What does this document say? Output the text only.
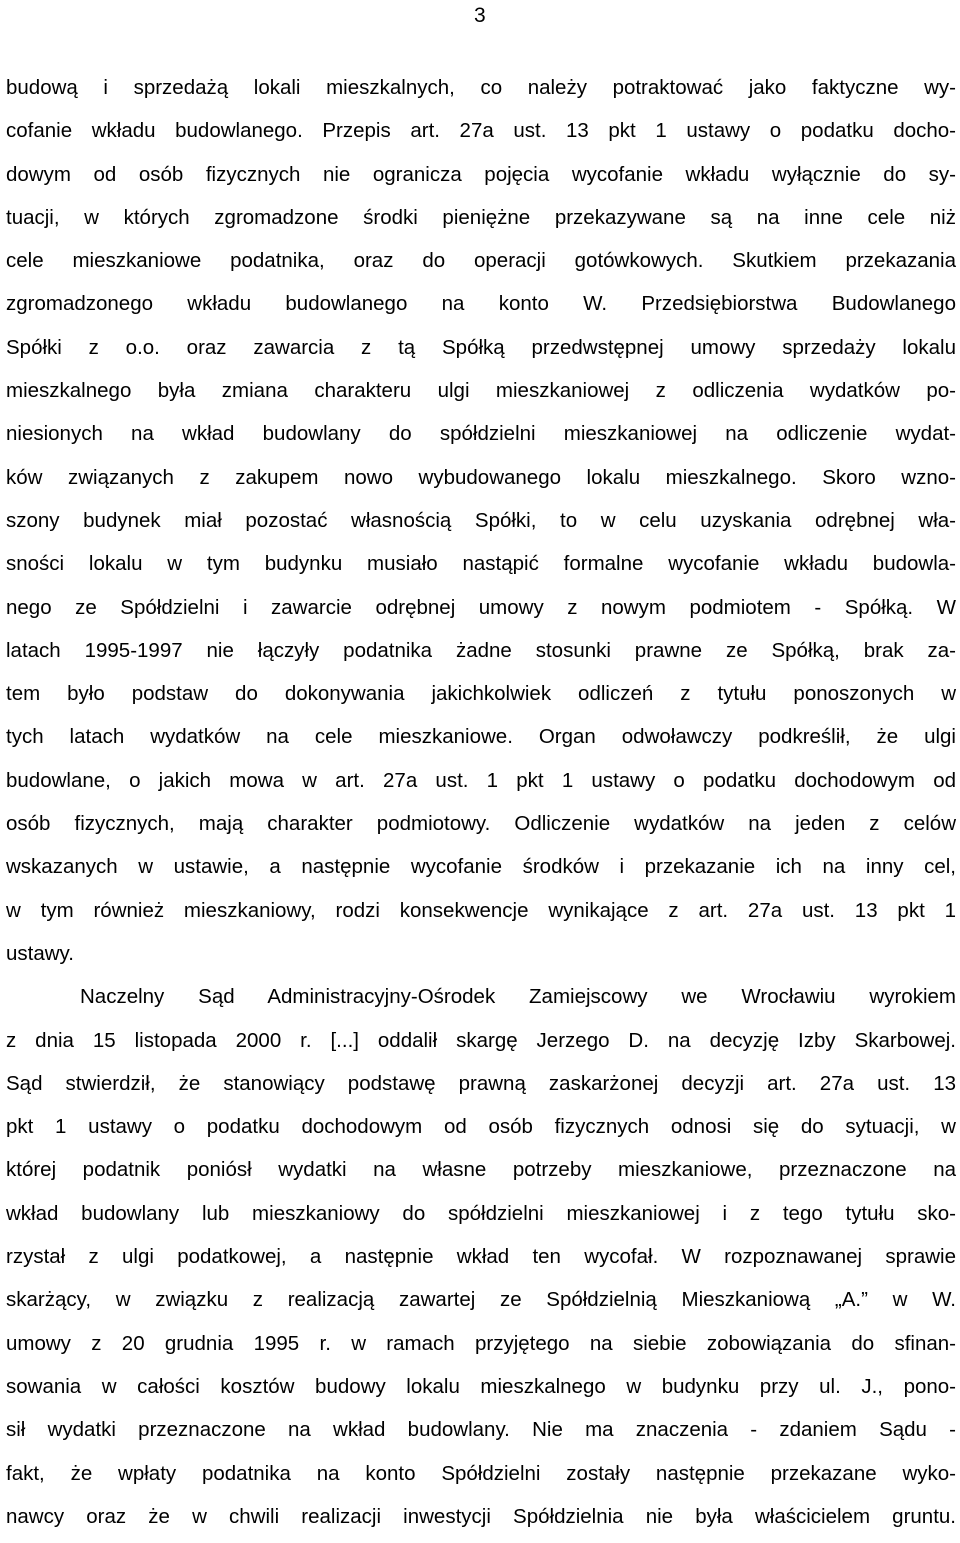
3
budową i sprzedażą lokali mieszkalnych, co należy potraktować jako faktyczne wy-
cofanie wkładu budowlanego. Przepis art. 27a ust. 13 pkt 1 ustawy o podatku docho-
dowym od osób fizycznych nie ogranicza pojęcia wycofanie wkładu wyłącznie do sy-
tuacji, w których zgromadzone środki pieniężne przekazywane są na inne cele niż
cele mieszkaniowe podatnika, oraz do operacji gotówkowych. Skutkiem przekazania
zgromadzonego wkładu budowlanego na konto W. Przedsiębiorstwa Budowlanego
Spółki z o.o. oraz zawarcia z tą Spółką przedwstępnej umowy sprzedaży lokalu
mieszkalnego była zmiana charakteru ulgi mieszkaniowej z odliczenia wydatków po-
niesionych na wkład budowlany do spółdzielni mieszkaniowej na odliczenie wydat-
ków związanych z zakupem nowo wybudowanego lokalu mieszkalnego. Skoro wzno-
szony budynek miał pozostać własnością Spółki, to w celu uzyskania odrębnej wła-
sności lokalu w tym budynku musiało nastąpić formalne wycofanie wkładu budowla-
nego ze Spółdzielni i zawarcie odrębnej umowy z nowym podmiotem - Spółką. W
latach 1995-1997 nie łączyły podatnika żadne stosunki prawne ze Spółką, brak za-
tem było podstaw do dokonywania jakichkolwiek odliczeń z tytułu ponoszonych w
tych latach wydatków na cele mieszkaniowe. Organ odwoławczy podkreślił, że ulgi
budowlane, o jakich mowa w art. 27a ust. 1 pkt 1 ustawy o podatku dochodowym od
osób fizycznych, mają charakter podmiotowy. Odliczenie wydatków na jeden z celów
wskazanych w ustawie, a następnie wycofanie środków i przekazanie ich na inny cel,
w tym również mieszkaniowy, rodzi konsekwencje wynikające z art. 27a ust. 13 pkt 1
ustawy.
Naczelny Sąd Administracyjny-Ośrodek Zamiejscowy we Wrocławiu wyrokiem
z dnia 15 listopada 2000 r. [...] oddalił skargę Jerzego D. na decyzję Izby Skarbowej.
Sąd stwierdził, że stanowiący podstawę prawną zaskarżonej decyzji art. 27a ust. 13
pkt 1 ustawy o podatku dochodowym od osób fizycznych odnosi się do sytuacji, w
której podatnik poniósł wydatki na własne potrzeby mieszkaniowe, przeznaczone na
wkład budowlany lub mieszkaniowy do spółdzielni mieszkaniowej i z tego tytułu sko-
rzystał z ulgi podatkowej, a następnie wkład ten wycofał. W rozpoznawanej sprawie
skarżący, w związku z realizacją zawartej ze Spółdzielnią Mieszkaniową „A.” w W.
umowy z 20 grudnia 1995 r. w ramach przyjętego na siebie zobowiązania do sfinan-
sowania w całości kosztów budowy lokalu mieszkalnego w budynku przy ul. J., pono-
sił wydatki przeznaczone na wkład budowlany. Nie ma znaczenia - zdaniem Sądu -
fakt, że wpłaty podatnika na konto Spółdzielni zostały następnie przekazane wyko-
nawcy oraz że w chwili realizacji inwestycji Spółdzielnia nie była właścicielem gruntu.
